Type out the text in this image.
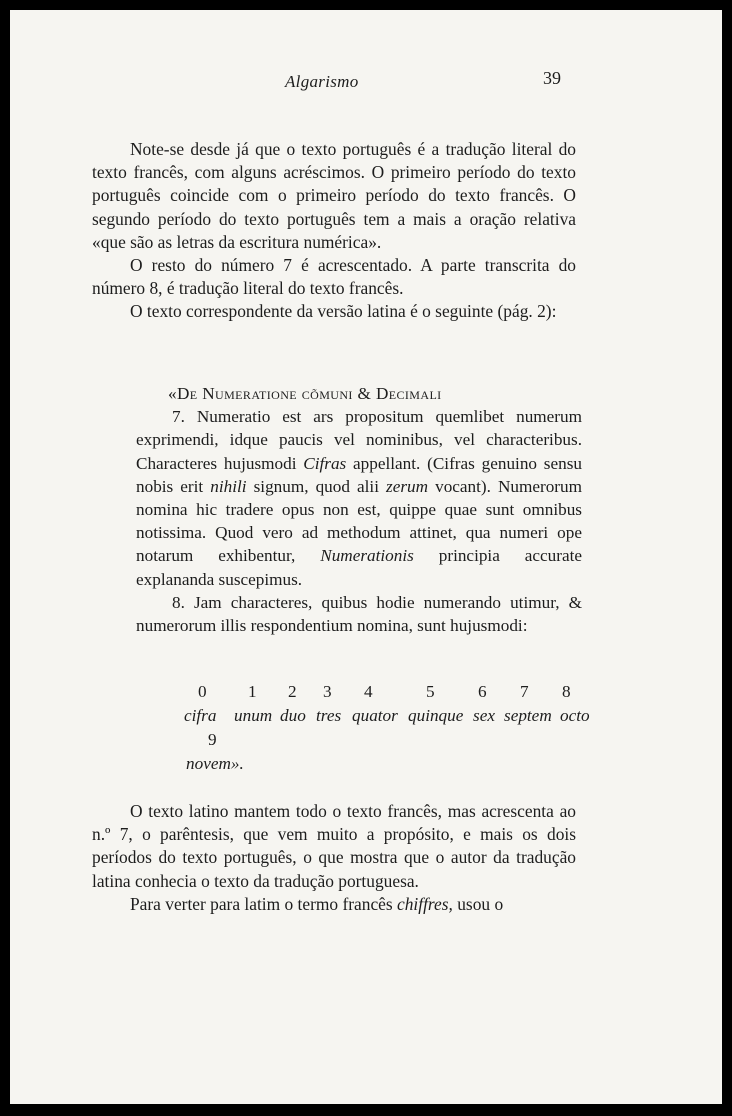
Algarismo	39

Note-se desde já que o texto português é a tradução literal do texto francês, com alguns acréscimos. O primeiro período do texto português coincide com o primeiro período do texto francês. O segundo período do texto português tem a mais a oração relativa «que são as letras da escritura numérica».

O resto do número 7 é acrescentado. A parte transcrita do número 8, é tradução literal do texto francês.

O texto correspondente da versão latina é o seguinte (pág. 2):

«De Numeratione cõmuni & Decimali

7. Numeratio est ars propositum quemlibet numerum exprimendi, idque paucis vel nominibus, vel characteribus. Characteres hujusmodi Cifras appellant. (Cifras genuino sensu nobis erit nihili signum, quod alii zerum vocant). Numerorum nomina hic tradere opus non est, quippe quae sunt omnibus notissima. Quod vero ad methodum attinet, qua numeri ope notarum exhibentur, Numerationis principia accurate explananda suscepimus.

8. Jam characteres, quibus hodie numerando utimur, & numerorum illis respondentium nomina, sunt hujusmodi:

0 1 2 3 4	5	6 7 8
cifra unum duo tres quator quinque sex septem octo
9
novem».

O texto latino mantem todo o texto francês, mas acrescenta ao n.º 7, o parêntesis, que vem muito a propósito, e mais os dois períodos do texto português, o que mostra que o autor da tradução latina conhecia o texto da tradução portuguesa.

Para verter para latim o termo francês chiffres, usou o
